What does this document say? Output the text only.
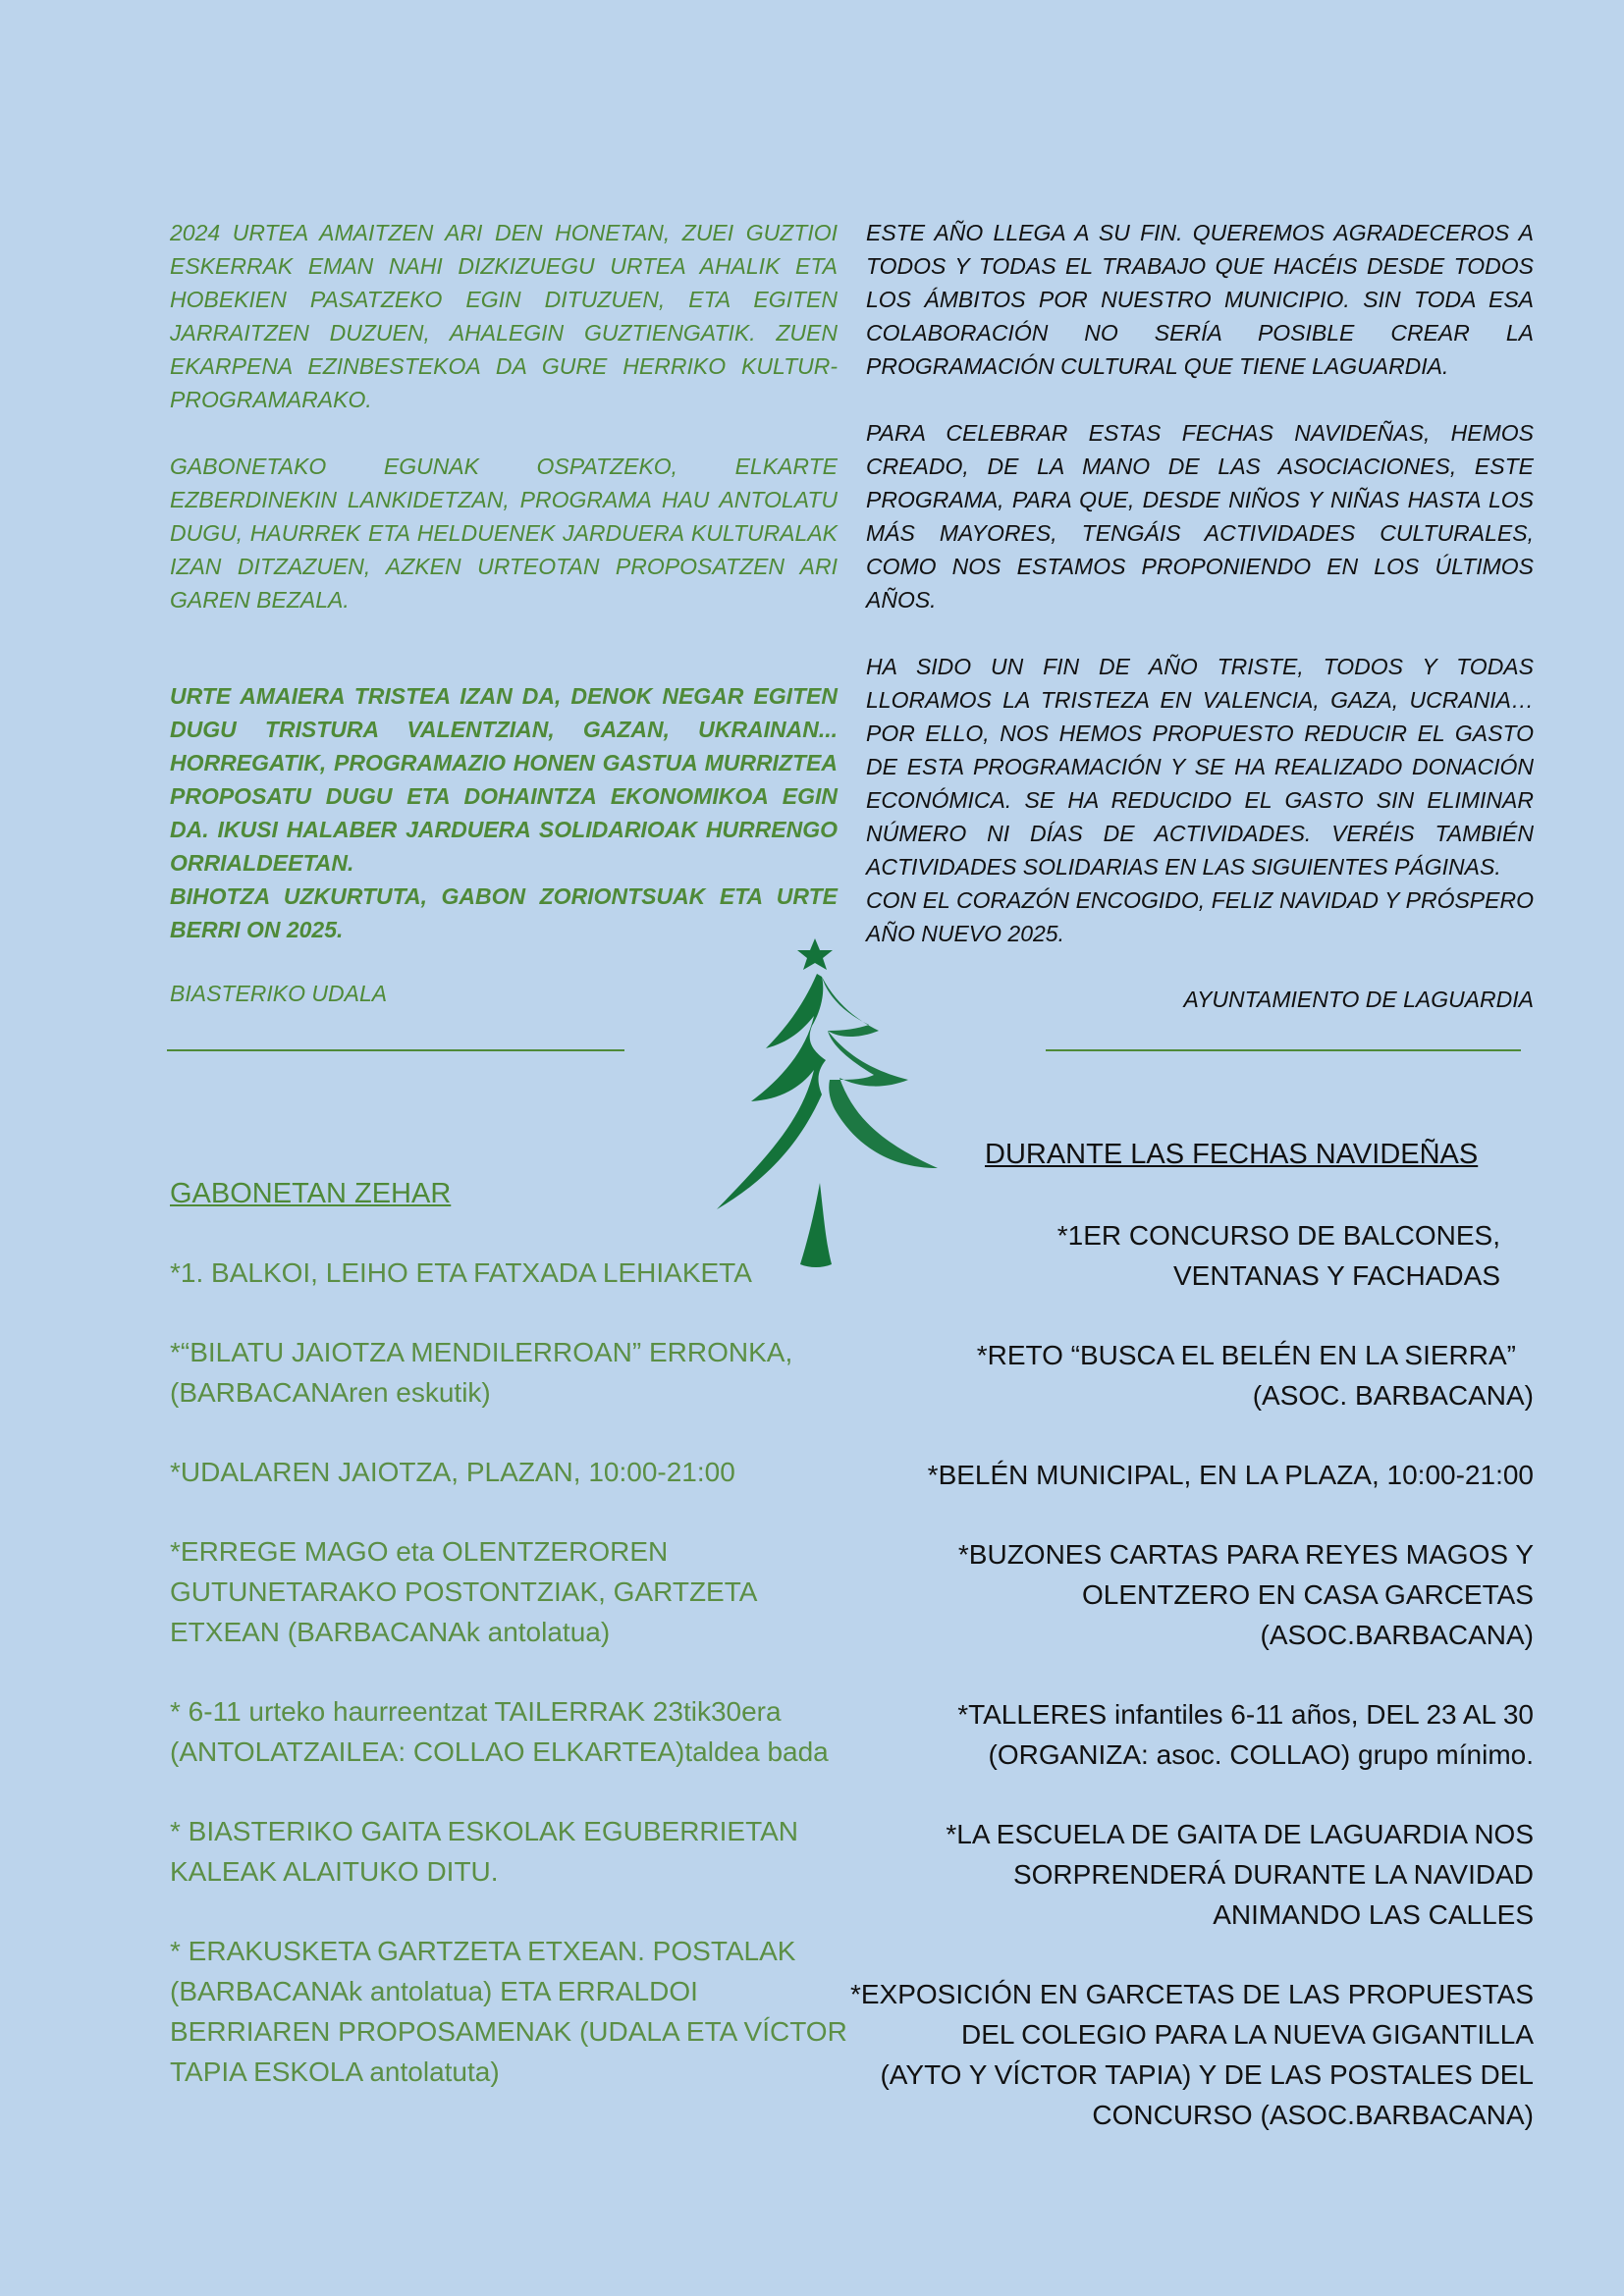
2024 URTEA AMAITZEN ARI DEN HONETAN, ZUEI GUZTIOI ESKERRAK EMAN NAHI DIZKIZUEGU URTEA AHALIK ETA HOBEKIEN PASATZEKO EGIN DITUZUEN, ETA EGITEN JARRAITZEN DUZUEN, AHALEGIN GUZTIENGATIK. ZUEN EKARPENA EZINBESTEKOA DA GURE HERRIKO KULTUR-PROGRAMARAKO.

GABONETAKO EGUNAK OSPATZEKO, ELKARTE EZBERDINEKIN LANKIDETZAN, PROGRAMA HAU ANTOLATU DUGU, HAURREK ETA HELDUENEK JARDUERA KULTURALAK IZAN DITZAZUEN, AZKEN URTEOTAN PROPOSATZEN ARI GAREN BEZALA.

URTE AMAIERA TRISTEA IZAN DA, DENOK NEGAR EGITEN DUGU TRISTURA VALENTZIAN, GAZAN, UKRAINAN... HORREGATIK, PROGRAMAZIO HONEN GASTUA MURRIZTEA PROPOSATU DUGU ETA DOHAINTZA EKONOMIKOA EGIN DA. IKUSI HALABER JARDUERA SOLIDARIOAK HURRENGO ORRIALDEETAN.

BIHOTZA UZKURTUTA, GABON ZORIONTSUAK ETA URTE BERRI ON 2025.

BIASTERIKO UDALA

ESTE AÑO LLEGA A SU FIN. QUEREMOS AGRADECEROS A TODOS Y TODAS EL TRABAJO QUE HACÉIS DESDE TODOS LOS ÁMBITOS POR NUESTRO MUNICIPIO. SIN TODA ESA COLABORACIÓN NO SERÍA POSIBLE CREAR LA PROGRAMACIÓN CULTURAL QUE TIENE LAGUARDIA.

PARA CELEBRAR ESTAS FECHAS NAVIDEÑAS, HEMOS CREADO, DE LA MANO DE LAS ASOCIACIONES, ESTE PROGRAMA, PARA QUE, DESDE NIÑOS Y NIÑAS HASTA LOS MÁS MAYORES, TENGÁIS ACTIVIDADES CULTURALES, COMO NOS ESTAMOS PROPONIENDO EN LOS ÚLTIMOS AÑOS.

HA SIDO UN FIN DE AÑO TRISTE, TODOS Y TODAS LLORAMOS LA TRISTEZA EN VALENCIA, GAZA, UCRANIA… POR ELLO, NOS HEMOS PROPUESTO REDUCIR EL GASTO DE ESTA PROGRAMACIÓN Y SE HA REALIZADO DONACIÓN ECONÓMICA. SE HA REDUCIDO EL GASTO SIN ELIMINAR NÚMERO NI DÍAS DE ACTIVIDADES. VERÉIS TAMBIÉN ACTIVIDADES SOLIDARIAS EN LAS SIGUIENTES PÁGINAS.

CON EL CORAZÓN ENCOGIDO, FELIZ NAVIDAD Y PRÓSPERO AÑO NUEVO 2025.

AYUNTAMIENTO DE LAGUARDIA
GABONETAN ZEHAR
*1. BALKOI, LEIHO ETA FATXADA LEHIAKETA
*“BILATU JAIOTZA MENDILERROAN” ERRONKA, (BARBACANAren eskutik)
*UDALAREN JAIOTZA, PLAZAN, 10:00-21:00
*ERREGE MAGO eta OLENTZERO​REN GUTUNETARAKO POSTONTZIAK, GARTZETA ETXEAN (BARBACANAk antolatua)
* 6-11 urteko haurreentzat TAILERRAK 23tik30era (ANTOLATZAILEA: COLLAO ELKARTEA)taldea bada
* BIASTERIKO GAITA ESKOLAK EGUBERRIETAN KALEAK ALAITUKO DITU.
* ERAKUSKETA GARTZETA ETXEAN. POSTALAK (BARBACANAk antolatua) ETA ERRALDOI BERRIAREN PROPOSAMENAK (UDALA ETA VÍCTOR TAPIA ESKOLA antolatuta)
DURANTE LAS FECHAS NAVIDEÑAS
*1ER CONCURSO DE BALCONES,
VENTANAS Y FACHADAS
*RETO “BUSCA EL BELÉN EN LA SIERRA”
(ASOC. BARBACANA)
*BELÉN MUNICIPAL, EN LA PLAZA, 10:00-21:00
*BUZONES CARTAS PARA REYES MAGOS Y
OLENTZERO EN CASA GARCETAS
(ASOC.BARBACANA)
*TALLERES infantiles 6-11 años, DEL 23 AL 30
(ORGANIZA: asoc. COLLAO) grupo mínimo.
*LA ESCUELA DE GAITA DE LAGUARDIA NOS
SORPRENDERÁ DURANTE LA NAVIDAD
ANIMANDO LAS CALLES
*EXPOSICIÓN EN GARCETAS DE LAS PROPUESTAS
DEL COLEGIO PARA LA NUEVA GIGANTILLA
(AYTO Y VÍCTOR TAPIA) Y DE LAS POSTALES DEL
CONCURSO (ASOC.BARBACANA)
